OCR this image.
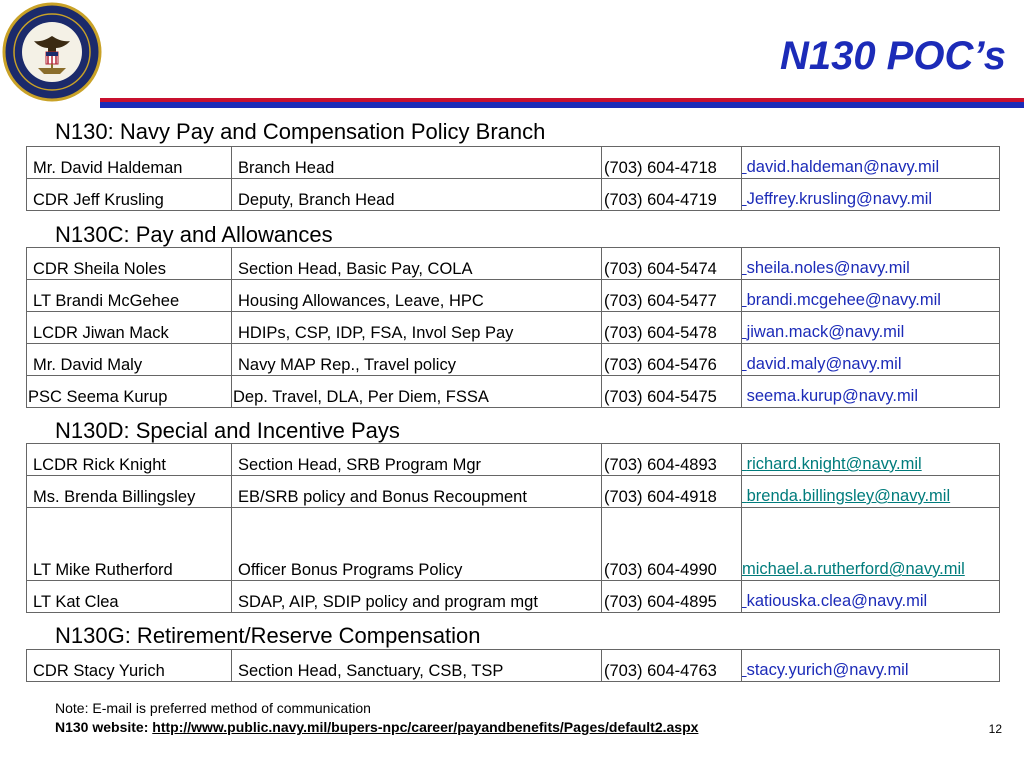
N130 POC’s
N130: Navy Pay and Compensation Policy Branch
Mr. David Haldeman	Branch Head	(703) 604-4718	david.haldeman@navy.mil
CDR Jeff Krusling	Deputy, Branch Head	(703) 604-4719	Jeffrey.krusling@navy.mil
N130C: Pay and Allowances
CDR Sheila Noles	Section Head, Basic Pay, COLA	(703) 604-5474	sheila.noles@navy.mil
LT Brandi McGehee	Housing Allowances, Leave, HPC	(703) 604-5477	brandi.mcgehee@navy.mil
LCDR Jiwan Mack	HDIPs, CSP, IDP, FSA, Invol Sep Pay	(703) 604-5478	jiwan.mack@navy.mil
Mr. David Maly	Navy MAP Rep., Travel policy	(703) 604-5476	david.maly@navy.mil
PSC Seema Kurup	Dep. Travel, DLA, Per Diem, FSSA	(703) 604-5475	seema.kurup@navy.mil
N130D: Special and Incentive Pays
LCDR Rick Knight	Section Head, SRB Program Mgr	(703) 604-4893	richard.knight@navy.mil
Ms. Brenda Billingsley	EB/SRB policy and Bonus Recoupment	(703) 604-4918	brenda.billingsley@navy.mil
LT Mike Rutherford	Officer Bonus Programs Policy	(703) 604-4990	michael.a.rutherford@navy.mil
LT Kat Clea	SDAP, AIP, SDIP policy and program mgt	(703) 604-4895	katiouska.clea@navy.mil
N130G: Retirement/Reserve Compensation
CDR Stacy Yurich	Section Head, Sanctuary, CSB, TSP	(703) 604-4763	stacy.yurich@navy.mil
Note: E-mail is preferred method of communication
N130 website: http://www.public.navy.mil/bupers-npc/career/payandbenefits/Pages/default2.aspx	12
